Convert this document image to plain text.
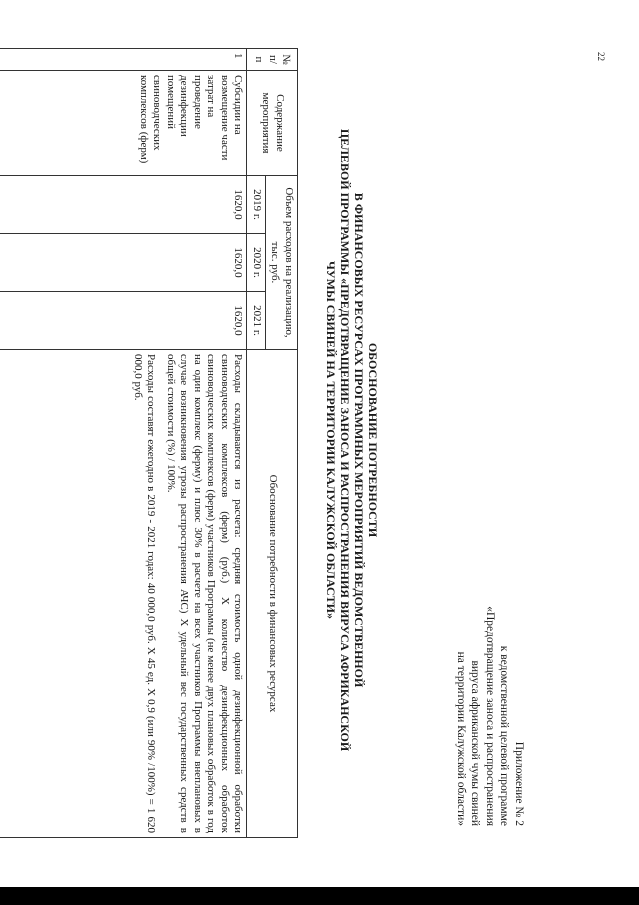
Приложение № 2
к ведомственной целевой программе
«Предотвращение заноса и распространения
вируса африканской чумы свиней
на территории Калужской области»
ОБОСНОВАНИЕ ПОТРЕБНОСТИ
В ФИНАНСОВЫХ РЕСУРСАХ ПРОГРАММНЫХ МЕРОПРИЯТИЙ ВЕДОМСТВЕННОЙ
ЦЕЛЕВОЙ ПРОГРАММЫ «ПРЕДОТВРАЩЕНИЕ ЗАНОСА И РАСПРОСТРАНЕНИЯ ВИРУСА АФРИКАНСКОЙ
ЧУМЫ СВИНЕЙ НА ТЕРРИТОРИИ КАЛУЖСКОЙ ОБЛАСТИ»
№ п/п	Содержание мероприятия	Объем расходов на реализацию, тыс. руб.			Обоснование потребности в финансовых ресурсах
		2019 г.	2020 г.	2021 г.	
1	Субсидии на возмещение части затрат на проведение дезинфекции помещений свиноводческих комплексов (ферм)	1620,0	1620,0	1620,0	Расходы складываются из расчета: средняя стоимость одной дезинфекционной обработки свиноводческих комплексов (ферм) (руб.) Х количество дезинфекционных обработок свиноводческих комплексов (ферм) участников Программы (не менее двух плановых обработок в год на один комплекс (ферму) и плюс 30% в расчете на всех участников Программы внеплановых в случае возникновения угрозы распространения АЧС) Х удельный вес государственных средств в общей стоимости (%) / 100%.

Расходы составят ежегодно в 2019 - 2021 годах: 40 000,0 руб. Х 45 ед. Х 0,9 (или 90% /100%) = 1 620 000,0 руб.

22
